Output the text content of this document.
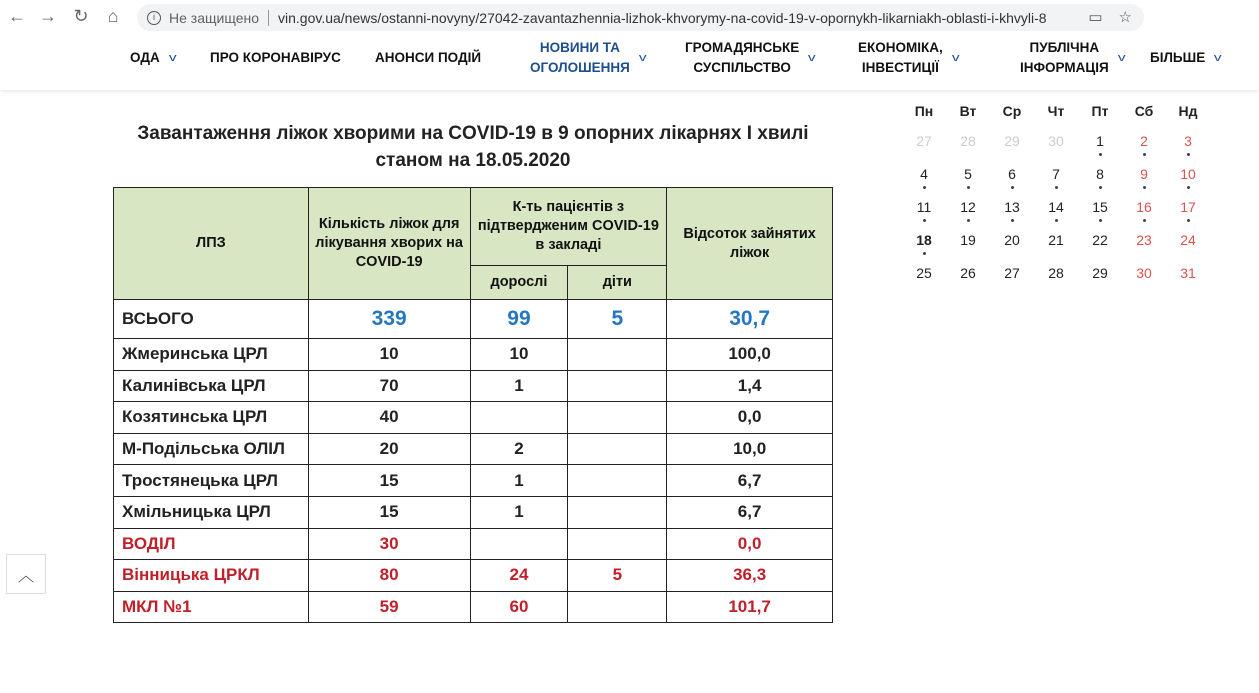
← → ↻	⌂	i	Не защищено vin.gov.ua/news/ostanni-novyny/27042-zavantazhennia-lizhok-khvorymy-na-covid-19-v-opornykh-likarniakh-oblasti-i-khvyli-8	▭ ☆
ОДА v ПРО КОРОНАВІРУС	АНОНСИ ПОДІЙ
НОВИНИ ТА
ОГОЛОШЕННЯ
v
ГРОМАДЯНСЬКЕ
СУСПІЛЬСТВО
v
ЕКОНОМІКА,
ІНВЕСТИЦІЇ
v
ПУБЛІЧНА
ІНФОРМАЦІЯ
v БІЛЬШЕ v
Завантаження ліжок хворими на COVID-19 в 9 опорних лікарнях І хвилі
станом на 18.05.2020
ЛПЗ	Кількість ліжок для лікування хворих на COVID-19	К-ть пацієнтів з підтвердженим COVID-19 в закладі		Відсоток зайнятих ліжок
		дорослі	діти	
ВСЬОГО	339	99	5	30,7
Жмеринська ЦРЛ	10	10		100,0
Калинівська ЦРЛ	70	1		1,4
Козятинська ЦРЛ	40			0,0
М-Подільська ОЛІЛ	20	2		10,0
Тростянецька ЦРЛ	15	1		6,7
Хмільницька ЦРЛ	15	1		6,7
ВОДІЛ	30			0,0
Вінницька ЦРКЛ	80	24	5	36,3
МКЛ №1	59	60		101,7
Пн	Вт	Ср	Чт	Пт	Сб	Нд
27	28	29	30	1	2	3
4	5	6	7	8	9	10
11	12	13	14	15	16	17
18	19	20	21	22	23	24
25	26	27	28	29	30	31
︿
